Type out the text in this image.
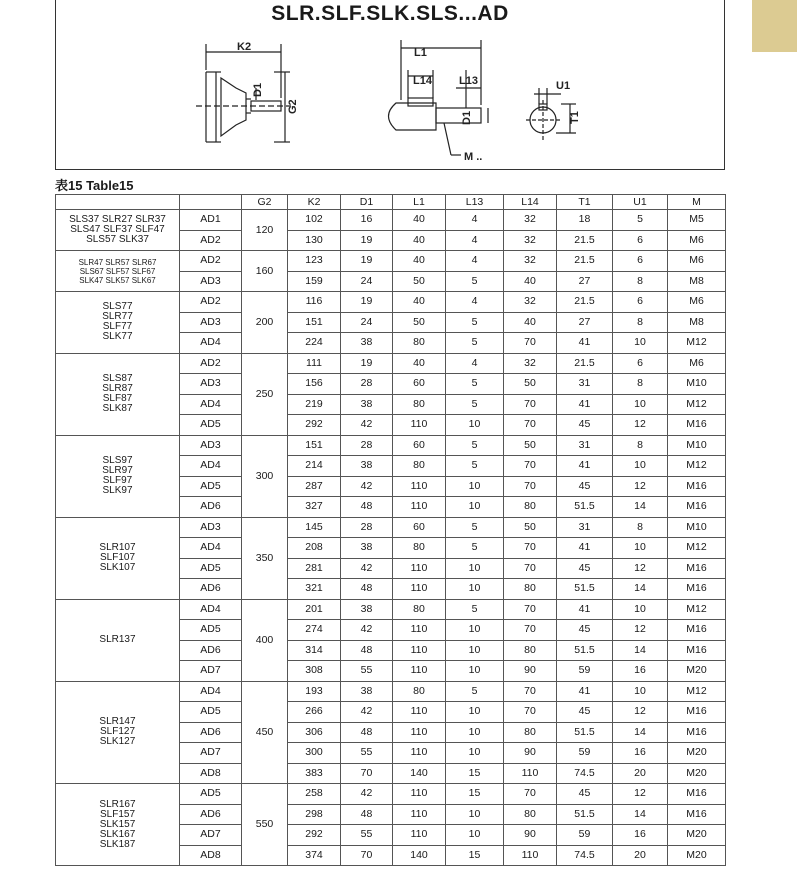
SLR.SLF.SLK.SLS...AD
K2
D1
G2
L1
L14 L13
D1
M ..
U1
T1
表15 Table15
		G2	K2	D1	L1	L13	L14	T1	U1	M

SLS37 SLR27 SLR37
SLS47 SLF37 SLF47
SLS57 SLK37	AD1	120	102	16	40	4	32	18	5	M5
	AD2		130	19	40	4	32	21.5	6	M6

SLR47 SLR57 SLR67
SLS67 SLF57 SLF67
SLK47 SLK57 SLK67	AD2	160	123	19	40	4	32	21.5	6	M6
	AD3		159	24	50	5	40	27	8	M8

SLS77
SLR77
SLF77
SLK77	AD2	200	116	19	40	4	32	21.5	6	M6
	AD3		151	24	50	5	40	27	8	M8
	AD4		224	38	80	5	70	41	10	M12

SLS87
SLR87
SLF87
SLK87	AD2	250	111	19	40	4	32	21.5	6	M6
	AD3		156	28	60	5	50	31	8	M10
	AD4		219	38	80	5	70	41	10	M12
	AD5		292	42	110	10	70	45	12	M16

SLS97
SLR97
SLF97
SLK97	AD3	300	151	28	60	5	50	31	8	M10
	AD4		214	38	80	5	70	41	10	M12
	AD5		287	42	110	10	70	45	12	M16
	AD6		327	48	110	10	80	51.5	14	M16

SLR107
SLF107
SLK107	AD3	350	145	28	60	5	50	31	8	M10
	AD4		208	38	80	5	70	41	10	M12
	AD5		281	42	110	10	70	45	12	M16
	AD6		321	48	110	10	80	51.5	14	M16

SLR137	AD4	400	201	38	80	5	70	41	10	M12
	AD5		274	42	110	10	70	45	12	M16
	AD6		314	48	110	10	80	51.5	14	M16
	AD7		308	55	110	10	90	59	16	M20

SLR147
SLF127
SLK127	AD4	450	193	38	80	5	70	41	10	M12
	AD5		266	42	110	10	70	45	12	M16
	AD6		306	48	110	10	80	51.5	14	M16
	AD7		300	55	110	10	90	59	16	M20
	AD8		383	70	140	15	110	74.5	20	M20

SLR167
SLF157
SLK157
SLK167
SLK187	AD5	550	258	42	110	15	70	45	12	M16
	AD6		298	48	110	10	80	51.5	14	M16
	AD7		292	55	110	10	90	59	16	M20
	AD8		374	70	140	15	110	74.5	20	M20
